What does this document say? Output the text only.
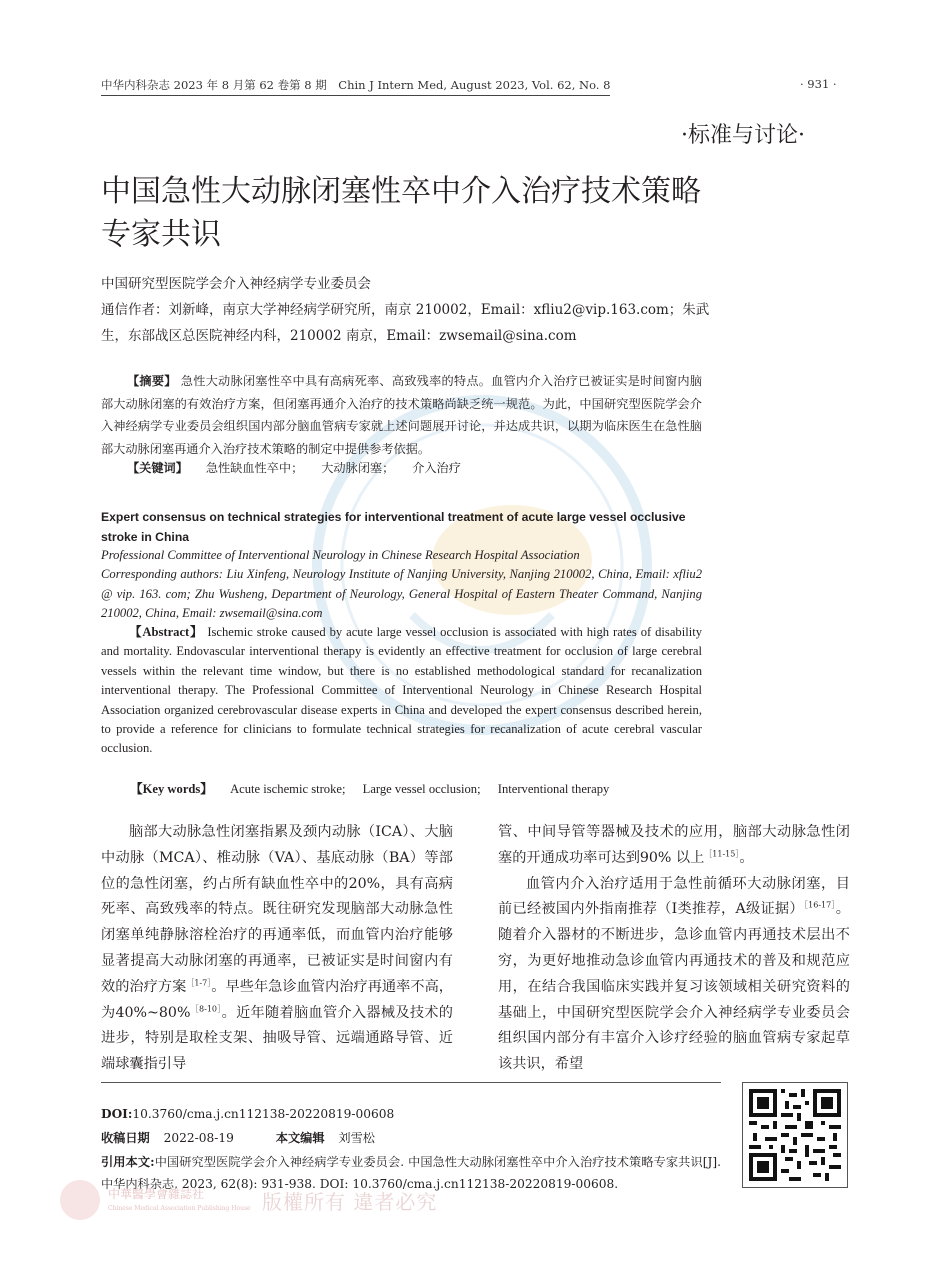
中华内科杂志 2023 年 8 月第 62 卷第 8 期　Chin J Intern Med, August 2023, Vol. 62, No. 8	· 931 ·
·标准与讨论·
中国急性大动脉闭塞性卒中介入治疗技术策略专家共识
中国研究型医院学会介入神经病学专业委员会
通信作者：刘新峰，南京大学神经病学研究所，南京 210002，Email：xfliu2@vip.163.com；朱武生，东部战区总医院神经内科，210002 南京，Email：zwsemail@sina.com
【摘要】 急性大动脉闭塞性卒中具有高病死率、高致残率的特点。血管内介入治疗已被证实是时间窗内脑部大动脉闭塞的有效治疗方案，但闭塞再通介入治疗的技术策略尚缺乏统一规范。为此，中国研究型医院学会介入神经病学专业委员会组织国内部分脑血管病专家就上述问题展开讨论，并达成共识，以期为临床医生在急性脑部大动脉闭塞再通介入治疗技术策略的制定中提供参考依据。
【关键词】 急性缺血性卒中； 大动脉闭塞； 介入治疗
Expert consensus on technical strategies for interventional treatment of acute large vessel occlusive stroke in China
Professional Committee of Interventional Neurology in Chinese Research Hospital Association
Corresponding authors: Liu Xinfeng, Neurology Institute of Nanjing University, Nanjing 210002, China, Email: xfliu2 @ vip. 163. com; Zhu Wusheng, Department of Neurology, General Hospital of Eastern Theater Command, Nanjing 210002, China, Email: zwsemail@sina.com
【Abstract】 Ischemic stroke caused by acute large vessel occlusion is associated with high rates of disability and mortality. Endovascular interventional therapy is evidently an effective treatment for occlusion of large cerebral vessels within the relevant time window, but there is no established methodological standard for recanalization interventional therapy. The Professional Committee of Interventional Neurology in Chinese Research Hospital Association organized cerebrovascular disease experts in China and developed the expert consensus described herein, to provide a reference for clinicians to formulate technical strategies for recanalization of acute cerebral vascular occlusion.
【Key words】 Acute ischemic stroke; Large vessel occlusion; Interventional therapy

脑部大动脉急性闭塞指累及颈内动脉（ICA）、大脑中动脉（MCA）、椎动脉（VA）、基底动脉（BA）等部位的急性闭塞，约占所有缺血性卒中的20%，具有高病死率、高致残率的特点。既往研究发现脑部大动脉急性闭塞单纯静脉溶栓治疗的再通率低，而血管内治疗能够显著提高大动脉闭塞的再通率，已被证实是时间窗内有效的治疗方案$^{[1-7]}$。早些年急诊血管内治疗再通率不高，为40%~80%$^{[8-10]}$。近年随着脑血管介入器械及技术的进步，特别是取栓支架、抽吸导管、远端通路导管、近端球囊指引导

管、中间导管等器械及技术的应用，脑部大动脉急性闭塞的开通成功率可达到90% 以上$^{[11-15]}$。

血管内介入治疗适用于急性前循环大动脉闭塞，目前已经被国内外指南推荐（Ⅰ类推荐，A级证据）$^{[16-17]}$。随着介入器材的不断进步，急诊血管内再通技术层出不穷，为更好地推动急诊血管内再通技术的普及和规范应用，在结合我国临床实践并复习该领域相关研究资料的基础上，中国研究型医院学会介入神经病学专业委员会组织国内部分有丰富介入诊疗经验的脑血管病专家起草该共识，希望

DOI:10.3760/cma.j.cn112138-20220819-00608
收稿日期 2022-08-19	本文编辑 刘雪松
引用本文:中国研究型医院学会介入神经病学专业委员会. 中国急性大动脉闭塞性卒中介入治疗技术策略专家共识[J]. 中华内科杂志, 2023, 62(8): 931-938. DOI: 10.3760/cma.j.cn112138-20220819-00608.
中華醫學會雜誌社
Chinese Medical Association Publishing House 版權所有 違者必究
